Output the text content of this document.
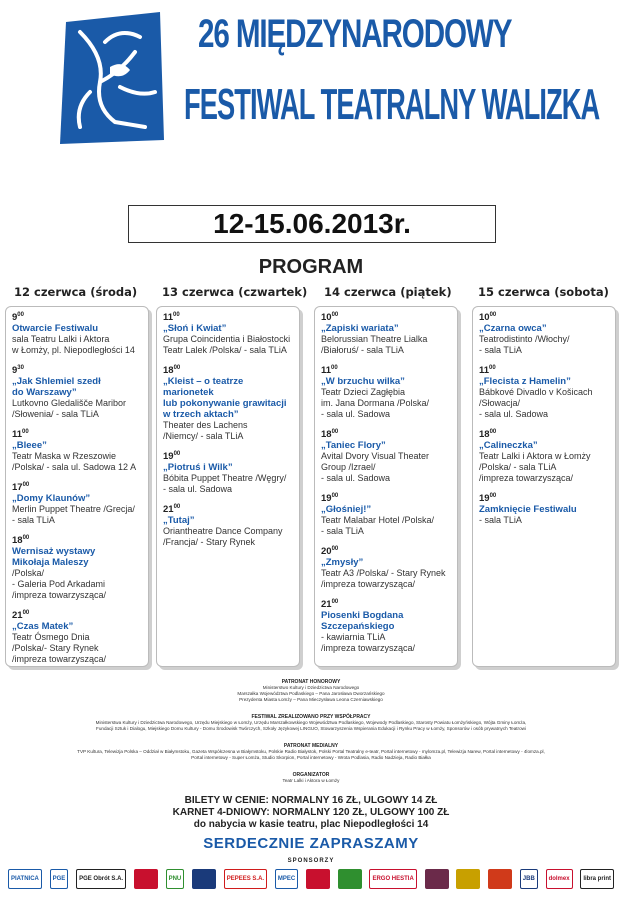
26 MIĘDZYNARODOWY
FESTIWAL TEATRALNY WALIZKA
12-15.06.2013r.
PROGRAM
12 czerwca (środa) 13 czerwca (czwartek) 14 czerwca (piątek) 15 czerwca (sobota)
$9^{00}$
Otwarcie Festiwalu
sala Teatru Lalki i Aktora
w Łomży, pl. Niepodległości 14
$9^{30}$
„Jak Shlemiel szedł
do Warszawy”
Lutkovno Gledališče Maribor
/Słowenia/ - sala TLiA
$11^{00}$
„Bleee”
Teatr Maska w Rzeszowie
/Polska/ - sala ul. Sadowa 12 A
$17^{00}$
„Domy Klaunów”
Merlin Puppet Theatre /Grecja/
- sala TLiA
$18^{00}$
Wernisaż wystawy
Mikołaja Maleszy
/Polska/
- Galeria Pod Arkadami
/impreza towarzysząca/
$21^{00}$
„Czas Matek”
Teatr Ósmego Dnia
/Polska/- Stary Rynek
/impreza towarzysząca/
$11^{00}$
„Słoń i Kwiat”
Grupa Coincidentia i Białostocki
Teatr Lalek /Polska/ - sala TLiA
$18^{00}$
„Kleist – o teatrze
marionetek
lub pokonywanie grawitacji
w trzech aktach”
Theater des Lachens
/Niemcy/ - sala TLiA
$19^{00}$
„Piotruś i Wilk”
Bóbita Puppet Theatre /Węgry/
- sala ul. Sadowa
$21^{00}$
„Tutaj”
Oriantheatre Dance Company
/Francja/ - Stary Rynek
$10^{00}$
„Zapiski wariata”
Belorussian Theatre Lialka
/Białoruś/ - sala TLiA
$11^{00}$
„W brzuchu wilka”
Teatr Dzieci Zagłębia
im. Jana Dormana /Polska/
- sala ul. Sadowa
$18^{00}$
„Taniec Flory”
Avital Dvory Visual Theater
Group /Izrael/
- sala ul. Sadowa
$19^{00}$
„Głośniej!”
Teatr Malabar Hotel /Polska/
- sala TLiA
$20^{00}$
„Zmysły”
Teatr A3 /Polska/ - Stary Rynek
/impreza towarzysząca/
$21^{00}$
Piosenki Bogdana
Szczepańskiego
- kawiarnia TLiA
/impreza towarzysząca/
$10^{00}$
„Czarna owca”
Teatrodistinto /Włochy/
- sala TLiA
$11^{00}$
„Flecista z Hamelin”
Bábkové Divadlo v Košicach
/Słowacja/
- sala ul. Sadowa
$18^{00}$
„Calineczka”
Teatr Lalki i Aktora w Łomży
/Polska/ - sala TLiA
/impreza towarzysząca/
$19^{00}$
Zamknięcie Festiwalu
- sala TLiA
PATRONAT HONOROWY
Ministerstwo Kultury i Dziedzictwa Narodowego
Marszałka Województwa Podlaskiego – Pana Jarosława Dworzańskiego
Prezydenta Miasta Łomży – Pana Mieczysława Leona Czerniawskiego
FESTIWAL ZREALIZOWANO PRZY WSPÓŁPRACY
Ministerstwa Kultury i Dziedzictwa Narodowego, Urzędu Miejskiego w Łomży, Urzędu Marszałkowskiego Województwa Podlaskiego, Wojewody Podlaskiego, Starosty Powiatu Łomżyńskiego, Wójta Gminy Łomża,
Fundacji Sztuk i Dialogu, Miejskiego Domu Kultury - Domu Środowisk Twórczych, Szkoły Językowej LINGUO, Stowarzyszenia Wspierania Edukacji i Rynku Pracy w Łomży, Sponsorów i osób prywatnych Teatrowi
PATRONAT MEDIALNY
TVP Kultura, Telewizja Polska – Oddział w Białymstoku, Gazeta Współczesna w Białymstoku, Polskie Radio Białystok, Polski Portal Teatralny e-teatr, Portal internetowy - mylomza.pl, Telewizja Narew, Portal internetowy - 4lomza.pl,
Portal internetowy - Super Łomża, Studio Skorpion, Portal internetowy - Wrota Podlasia, Radio Nadzieja, Radio Białka
ORGANIZATOR
Teatr Lalki i Aktora w Łomży
BILETY W CENIE: NORMALNY 16 ZŁ, ULGOWY 14 ZŁ
KARNET 4-DNIOWY: NORMALNY 120 ZŁ, ULGOWY 100 ZŁ
do nabycia w kasie teatru, plac Niepodległości 14
SERDECZNIE ZAPRASZAMY
SPONSORZY
PIATNICA	PGE	PGE Obrót S.A.	PNU	PEPEES S.A.	MPEC	ERGO HESTIA	JBB	dolmex	libra print
